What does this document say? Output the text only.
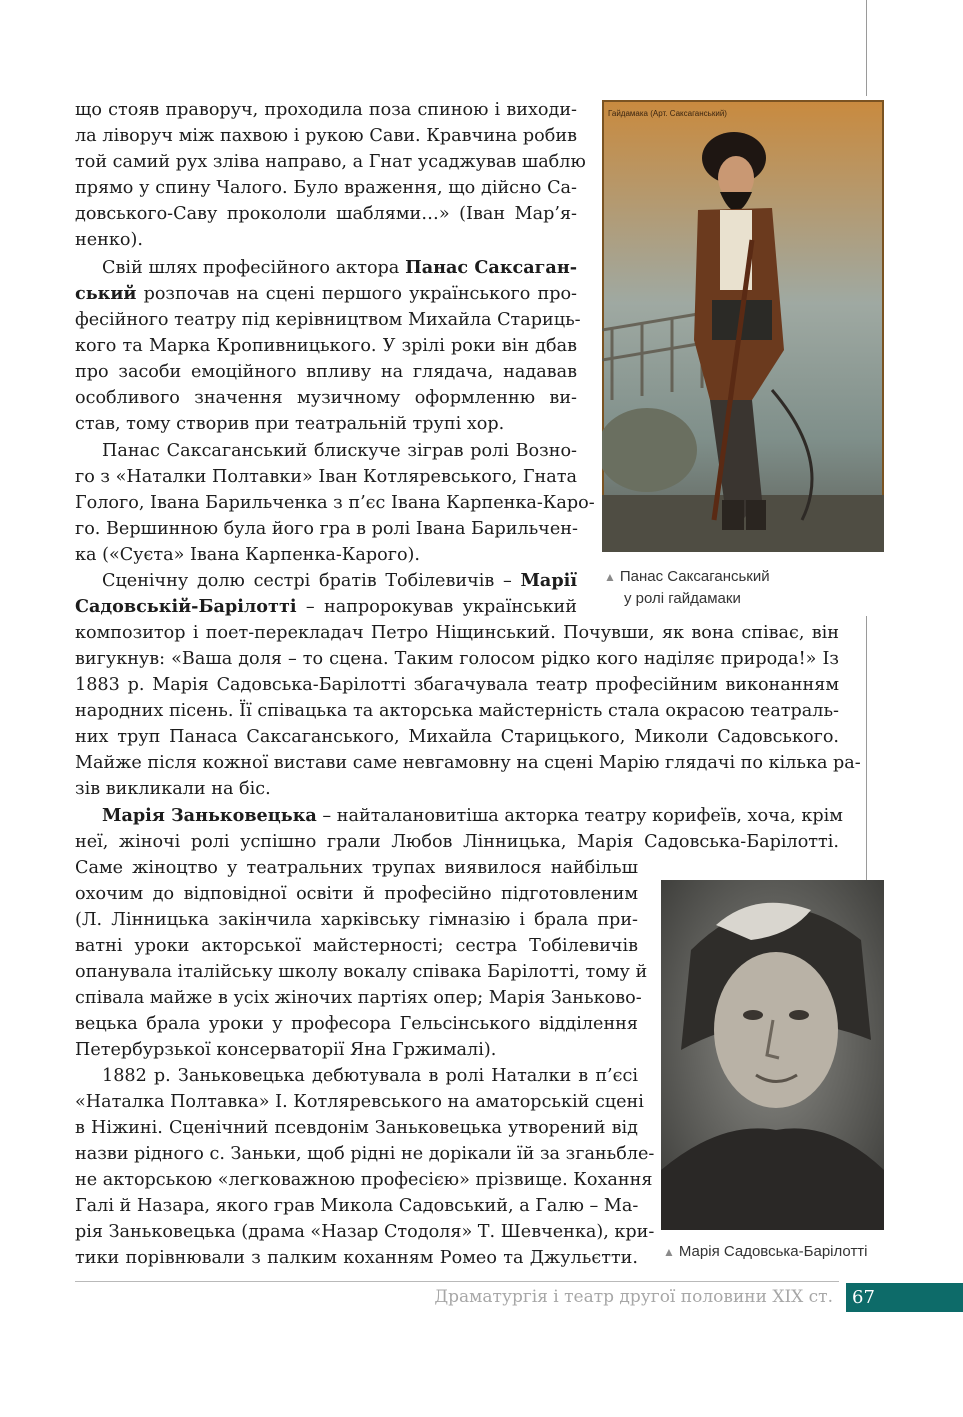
що стояв праворуч, проходила поза спиною і виходи-
ла ліворуч між пахвою і рукою Сави. Кравчина робив
той самий рух зліва направо, а Гнат усаджував шаблю
прямо у спину Чалого. Було враження, що дійсно Са-
довського-Саву прокололи шаблями…» (Іван Мар’я-
ненко).
Свій шлях професійного актора Панас Саксаган-
ський розпочав на сцені першого українського про-
фесійного театру під керівництвом Михайла Стариць-
кого та Марка Кропивницького. У зрілі роки він дбав
про засоби емоційного впливу на глядача, надавав
особливого значення музичному оформленню ви-
став, тому створив при театральній трупі хор.
Панас Саксаганський блискуче зіграв ролі Возно-
го з «Наталки Полтавки» Іван Котляревського, Гната
Голого, Івана Барильченка з п’єс Івана Карпенка-Каро-
го. Вершинною була його гра в ролі Івана Барильчен-
ка («Суєта» Івана Карпенка-Карого).
Сценічну долю сестрі братів Тобілевичів – Марії
Садовській-Барілотті – напророкував український
композитор і поет-перекладач Петро Ніщинський. Почувши, як вона співає, він
вигукнув: «Ваша доля – то сцена. Таким голосом рідко кого наділяє природа!» Із
1883 р. Марія Садовська-Барілотті збагачувала театр професійним виконанням
народних пісень. Її співацька та акторська майстерність стала окрасою театраль-
них труп Панаса Саксаганського, Михайла Старицького, Миколи Садовського.
Майже після кожної вистави саме невгамовну на сцені Марію глядачі по кілька ра-
зів викликали на біс.
Марія Заньковецька – найталановитіша акторка театру корифеїв, хоча, крім
неї, жіночі ролі успішно грали Любов Лінницька, Марія Садовська-Барілотті.
Саме жіноцтво у театральних трупах виявилося найбільш
охочим до відповідної освіти й професійно підготовленим
(Л. Лінницька закінчила харківську гімназію і брала при-
ватні уроки акторської майстерності; сестра Тобілевичів
опанувала італійську школу вокалу співака Барілотті, тому й
співала майже в усіх жіночих партіях опер; Марія Заньково-
вецька брала уроки у професора Гельсінського відділення
Петербурзької консерваторії Яна Гржималі).
1882 р. Заньковецька дебютувала в ролі Наталки в п’єсі
«Наталка Полтавка» І. Котляревського на аматорській сцені
в Ніжині. Сценічний псевдонім Заньковецька утворений від
назви рідного с. Заньки, щоб рідні не дорікали їй за зганьбле-
не акторською «легковажною професією» прізвище. Кохання
Галі й Назара, якого грав Микола Садовський, а Галю – Ма-
рія Заньковецька (драма «Назар Стодоля» Т. Шевченка), кри-
тики порівнювали з палким коханням Ромео та Джульєтти.
Гайдамака (Арт. Саксаганський)
▲ Панас Саксаганський
у ролі гайдамаки
▲ Марія Садовська-Барілотті
Драматургія і театр другої половини XIX ст.	67
